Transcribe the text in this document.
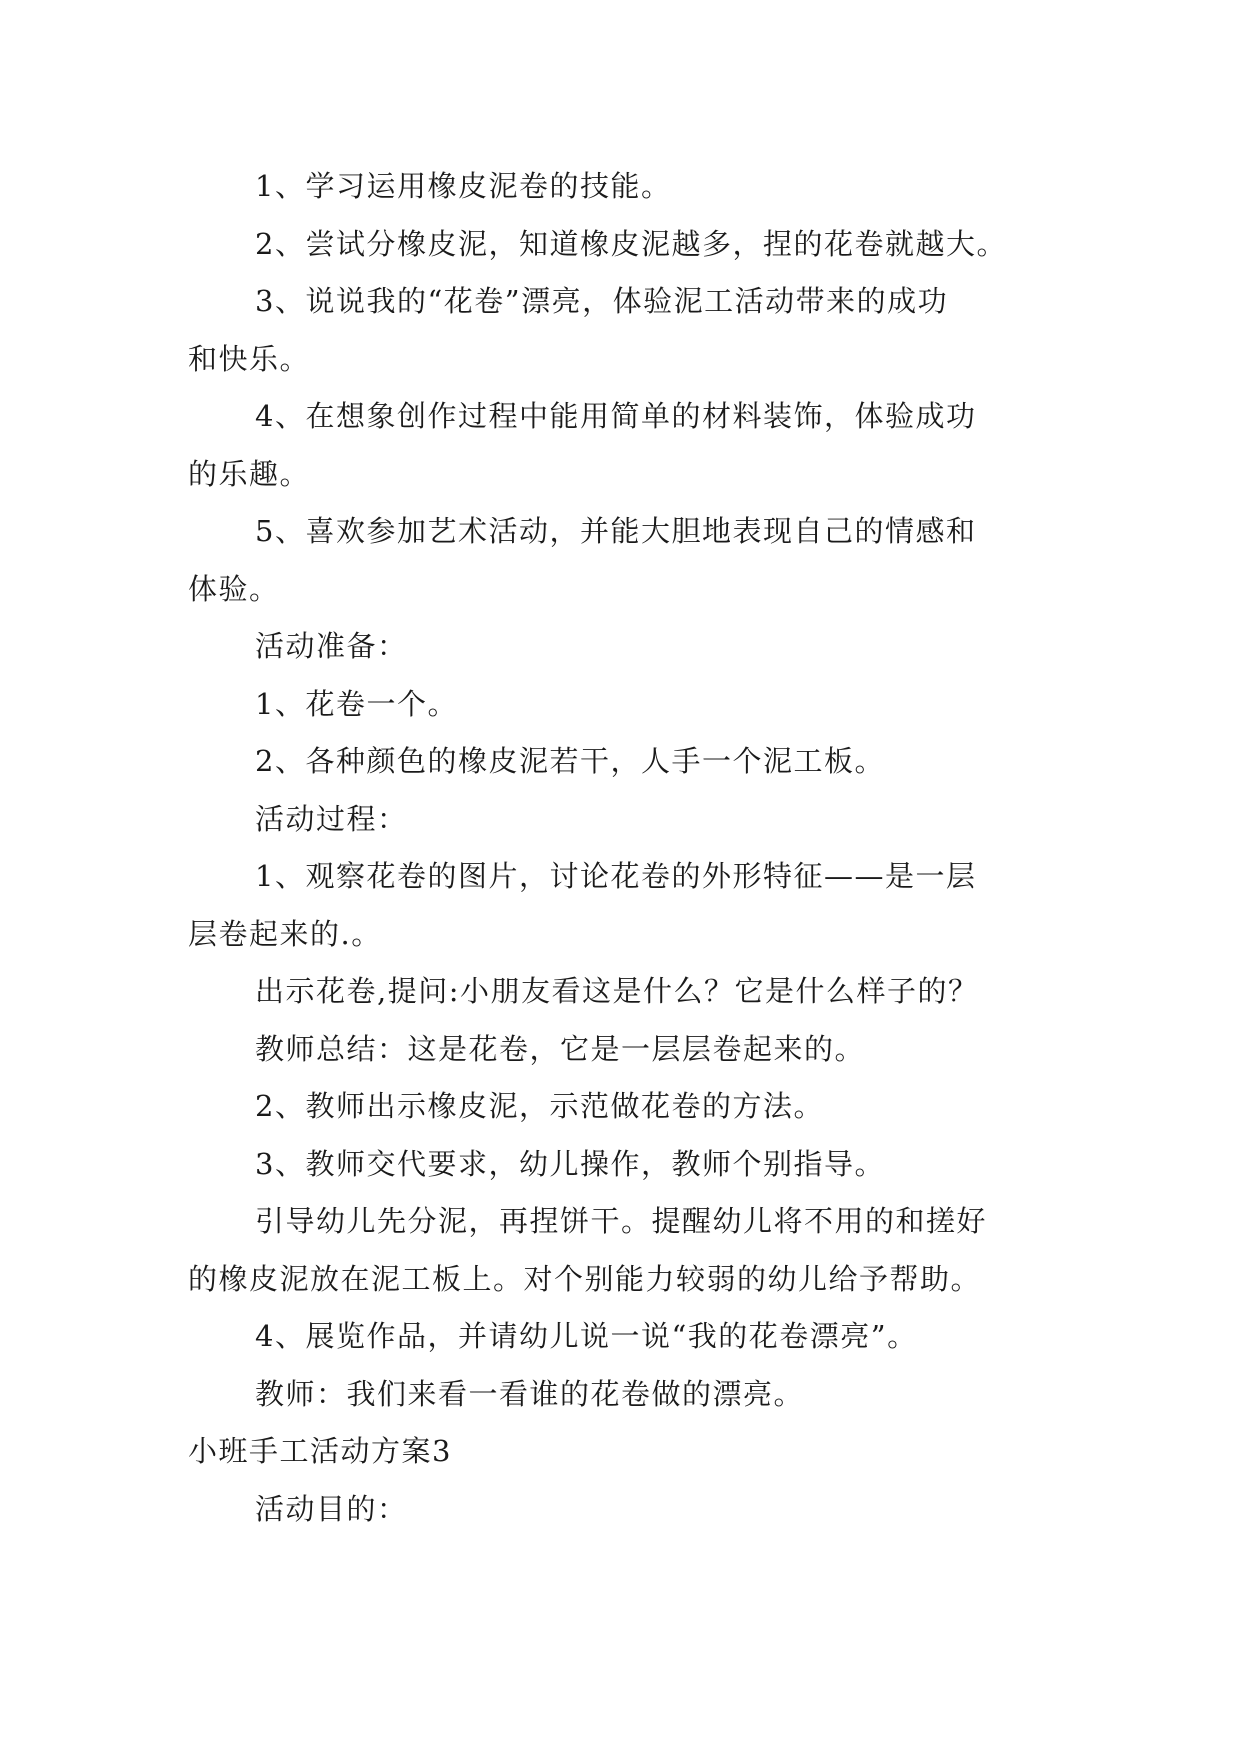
1、学习运用橡皮泥卷的技能。

2、尝试分橡皮泥，知道橡皮泥越多，捏的花卷就越大。

3、说说我的“花卷”漂亮，体验泥工活动带来的成功

和快乐。

4、在想象创作过程中能用简单的材料装饰，体验成功

的乐趣。

5、喜欢参加艺术活动，并能大胆地表现自己的情感和

体验。

活动准备：

1、花卷一个。

2、各种颜色的橡皮泥若干，人手一个泥工板。

活动过程：

1、观察花卷的图片，讨论花卷的外形特征——是一层

层卷起来的.。

出示花卷,提问:小朋友看这是什么？它是什么样子的？

教师总结：这是花卷，它是一层层卷起来的。

2、教师出示橡皮泥，示范做花卷的方法。

3、教师交代要求，幼儿操作，教师个别指导。

引导幼儿先分泥，再捏饼干。提醒幼儿将不用的和搓好

的橡皮泥放在泥工板上。对个别能力较弱的幼儿给予帮助。

4、展览作品，并请幼儿说一说“我的花卷漂亮”。

教师：我们来看一看谁的花卷做的漂亮。

小班手工活动方案3

活动目的：
